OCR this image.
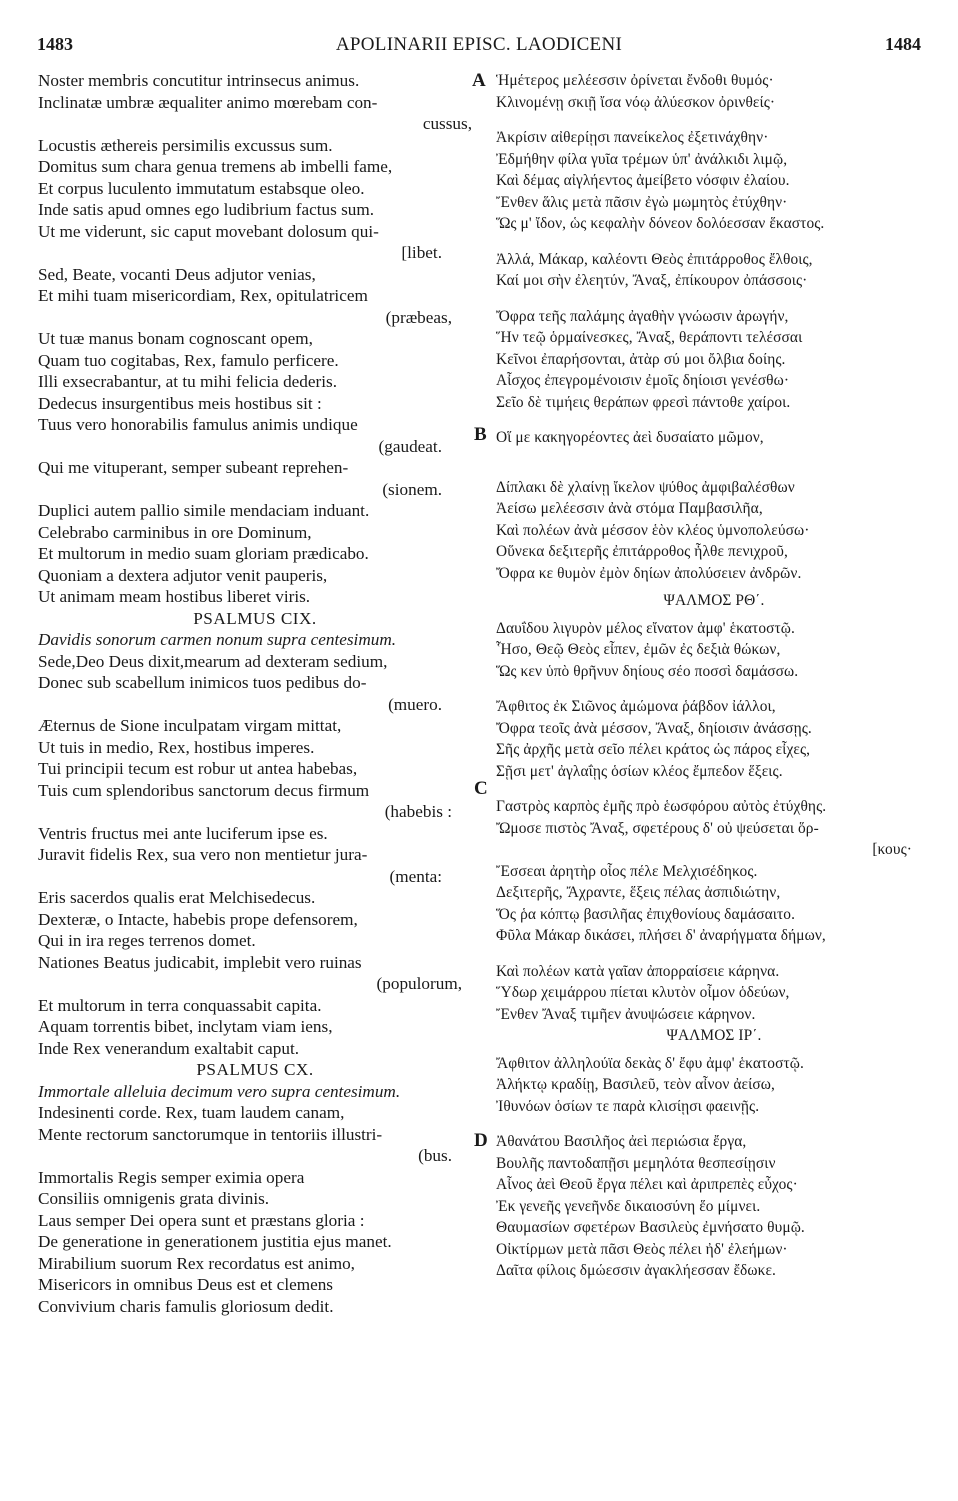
1483	APOLINARII EPISC. LAODICENI	1484
A
B
C
D
Noster membris concutitur intrinsecus animus.
Inclinatæ umbræ æqualiter animo mœrebam con-
cussus,
Locustis æthereis persimilis excussus sum.
Domitus sum chara genua tremens ab imbelli fame,
Et corpus luculento immutatum estabsque oleo.
Inde satis apud omnes ego ludibrium factus sum.
Ut me viderunt, sic caput movebant dolosum qui-
[libet.
Sed, Beate, vocanti Deus adjutor venias,
Et mihi tuam misericordiam, Rex, opitulatricem
(præbeas,
Ut tuæ manus bonam cognoscant opem,
Quam tuo cogitabas, Rex, famulo perficere.
Illi exsecrabantur, at tu mihi felicia dederis.
Dedecus insurgentibus meis hostibus sit :
Tuus vero honorabilis famulus animis undique
(gaudeat.
Qui me vituperant, semper subeant reprehen-
(sionem.
Duplici autem pallio simile mendaciam induant.
Celebrabo carminibus in ore Dominum,
Et multorum in medio suam gloriam prædicabo.
Quoniam a dextera adjutor venit pauperis,
Ut animam meam hostibus liberet viris.
PSALMUS CIX.
Davidis sonorum carmen nonum supra centesimum.
Sede,Deo Deus dixit,mearum ad dexteram sedium,
Donec sub scabellum inimicos tuos pedibus do-
(muero.
Æternus de Sione inculpatam virgam mittat,
Ut tuis in medio, Rex, hostibus imperes.
Tui principii tecum est robur ut antea habebas,
Tuis cum splendoribus sanctorum decus firmum
(habebis :
Ventris fructus mei ante luciferum ipse es.
Juravit fidelis Rex, sua vero non mentietur jura-
(menta:
Eris sacerdos qualis erat Melchisedecus.
Dexteræ, o Intacte, habebis prope defensorem,
Qui in ira reges terrenos domet.
Nationes Beatus judicabit, implebit vero ruinas
(populorum,
Et multorum in terra conquassabit capita.
Aquam torrentis bibet, inclytam viam iens,
Inde Rex venerandum exaltabit caput.
PSALMUS CX.
Immortale alleluia decimum vero supra centesimum.
Indesinenti corde. Rex, tuam laudem canam,
Mente rectorum sanctorumque in tentoriis illustri-
(bus.
Immortalis Regis semper eximia opera
Consiliis omnigenis grata divinis.
Laus semper Dei opera sunt et præstans gloria :
De generatione in generationem justitia ejus manet.
Mirabilium suorum Rex recordatus est animo,
Misericors in omnibus Deus est et clemens
Convivium charis famulis gloriosum dedit.
Ἡμέτερος μελέεσσιν ὀρίνεται ἔνδοθι θυμός·
Κλινομένῃ σκιῇ ἴσα νόῳ ἀλύεσκον ὀρινθείς·
Ἀκρίσιν αἰθερίῃσι πανείκελος ἐξετινάχθην·
Ἐδμήθην φίλα γυῖα τρέμων ὑπ' ἀνάλκιδι λιμῷ,
Καὶ δέμας αἰγλήεντος ἀμείβετο νόσφιν ἐλαίου.
Ἔνθεν ἅλις μετὰ πᾶσιν ἐγὼ μωμητὸς ἐτύχθην·
Ὥς μ' ἴδον, ὡς κεφαλὴν δόνεον δολόεσσαν ἕκαστος.
Ἀλλά, Μάκαρ, καλέοντι Θεὸς ἐπιτάρροθος ἔλθοις,
Καί μοι σὴν ἐλεητύν, Ἄναξ, ἐπίκουρον ὀπάσσοις·
Ὄφρα τεῆς παλάμης ἀγαθὴν γνώωσιν ἀρωγήν,
Ἥν τεῷ ὁρμαίνεσκες, Ἄναξ, θεράποντι τελέσσαι
Κεῖνοι ἐπαρήσονται, ἀτὰρ σύ μοι ὄλβια δοίης.
Αἶσχος ἐπεγρομένοισιν ἐμοῖς δηίοισι γενέσθω·
Σεῖο δὲ τιμήεις θεράπων φρεσὶ πάντοθε χαίροι.
Οἵ με κακηγορέοντες ἀεὶ δυσαίατο μῶμον,
Δίπλακι δὲ χλαίνῃ ἴκελον ψύθος ἀμφιβαλέσθων
Ἀείσω μελέεσσιν ἀνὰ στόμα Παμβασιλῆα,
Καὶ πολέων ἀνὰ μέσσον ἑὸν κλέος ὑμνοπολεύσω·
Οὕνεκα δεξιτερῆς ἐπιτάρροθος ἦλθε πενιχροῦ,
Ὄφρα κε θυμὸν ἐμὸν δηίων ἀπολύσειεν ἀνδρῶν.
ΨΑΛΜΟΣ ΡΘ΄.
Δαυΐδου λιγυρὸν μέλος εἴνατον ἀμφ' ἑκατοστῷ.
Ἧσο, Θεῷ Θεὸς εἶπεν, ἐμῶν ἐς δεξιὰ θώκων,
Ὥς κεν ὑπὸ θρῆνυν δηίους σέο ποσσὶ δαμάσσω.
Ἄφθιτος ἐκ Σιῶνος ἀμώμονα ῥάβδον ἰάλλοι,
Ὄφρα τεοῖς ἀνὰ μέσσον, Ἄναξ, δηίοισιν ἀνάσσῃς.
Σῆς ἀρχῆς μετὰ σεῖο πέλει κράτος ὡς πάρος εἶχες,
Σῇσι μετ' ἀγλαΐῃς ὁσίων κλέος ἔμπεδον ἕξεις.
Γαστρὸς καρπὸς ἐμῆς πρὸ ἑωσφόρου αὐτὸς ἐτύχθης.
Ὤμοσε πιστὸς Ἄναξ, σφετέρους δ' οὐ ψεύσεται ὅρ-
[κους·
Ἔσσεαι ἀρητὴρ οἷος πέλε Μελχισέδηκος.
Δεξιτερῆς, Ἄχραντε, ἕξεις πέλας ἀσπιδιώτην,
Ὅς ῥα κόπτῳ βασιλῆας ἐπιχθονίους δαμάσαιτο.
Φῦλα Μάκαρ δικάσει, πλήσει δ' ἀναρήγματα δήμων,
Καὶ πολέων κατὰ γαῖαν ἀπορραίσειε κάρηνα.
Ὕδωρ χειμάρρου πίεται κλυτὸν οἶμον ὁδεύων,
Ἔνθεν Ἄναξ τιμῆεν ἀνυψώσειε κάρηνον.
ΨΑΛΜΟΣ ΙΡ΄.
Ἄφθιτον ἀλληλούϊα δεκὰς δ' ἔφυ ἀμφ' ἑκατοστῷ.
Ἀλήκτῳ κραδίῃ, Βασιλεῦ, τεὸν αἶνον ἀείσω,
Ἰθυνόων ὁσίων τε παρὰ κλισίῃσι φαεινῇς.
Ἀθανάτου Βασιλῆος ἀεὶ περιώσια ἔργα,
Βουλῆς παντοδαπῇσι μεμηλότα θεσπεσίῃσιν
Αἶνος ἀεὶ Θεοῦ ἔργα πέλει καὶ ἀριπρεπὲς εὖχος·
Ἐκ γενεῆς γενεῆνδε δικαιοσύνη ἕο μίμνει.
Θαυμασίων σφετέρων Βασιλεὺς ἐμνήσατο θυμῷ.
Οἰκτίρμων μετὰ πᾶσι Θεὸς πέλει ἠδ' ἐλεήμων·
Δαῖτα φίλοις δμώεσσιν ἀγακλήεσσαν ἔδωκε.
